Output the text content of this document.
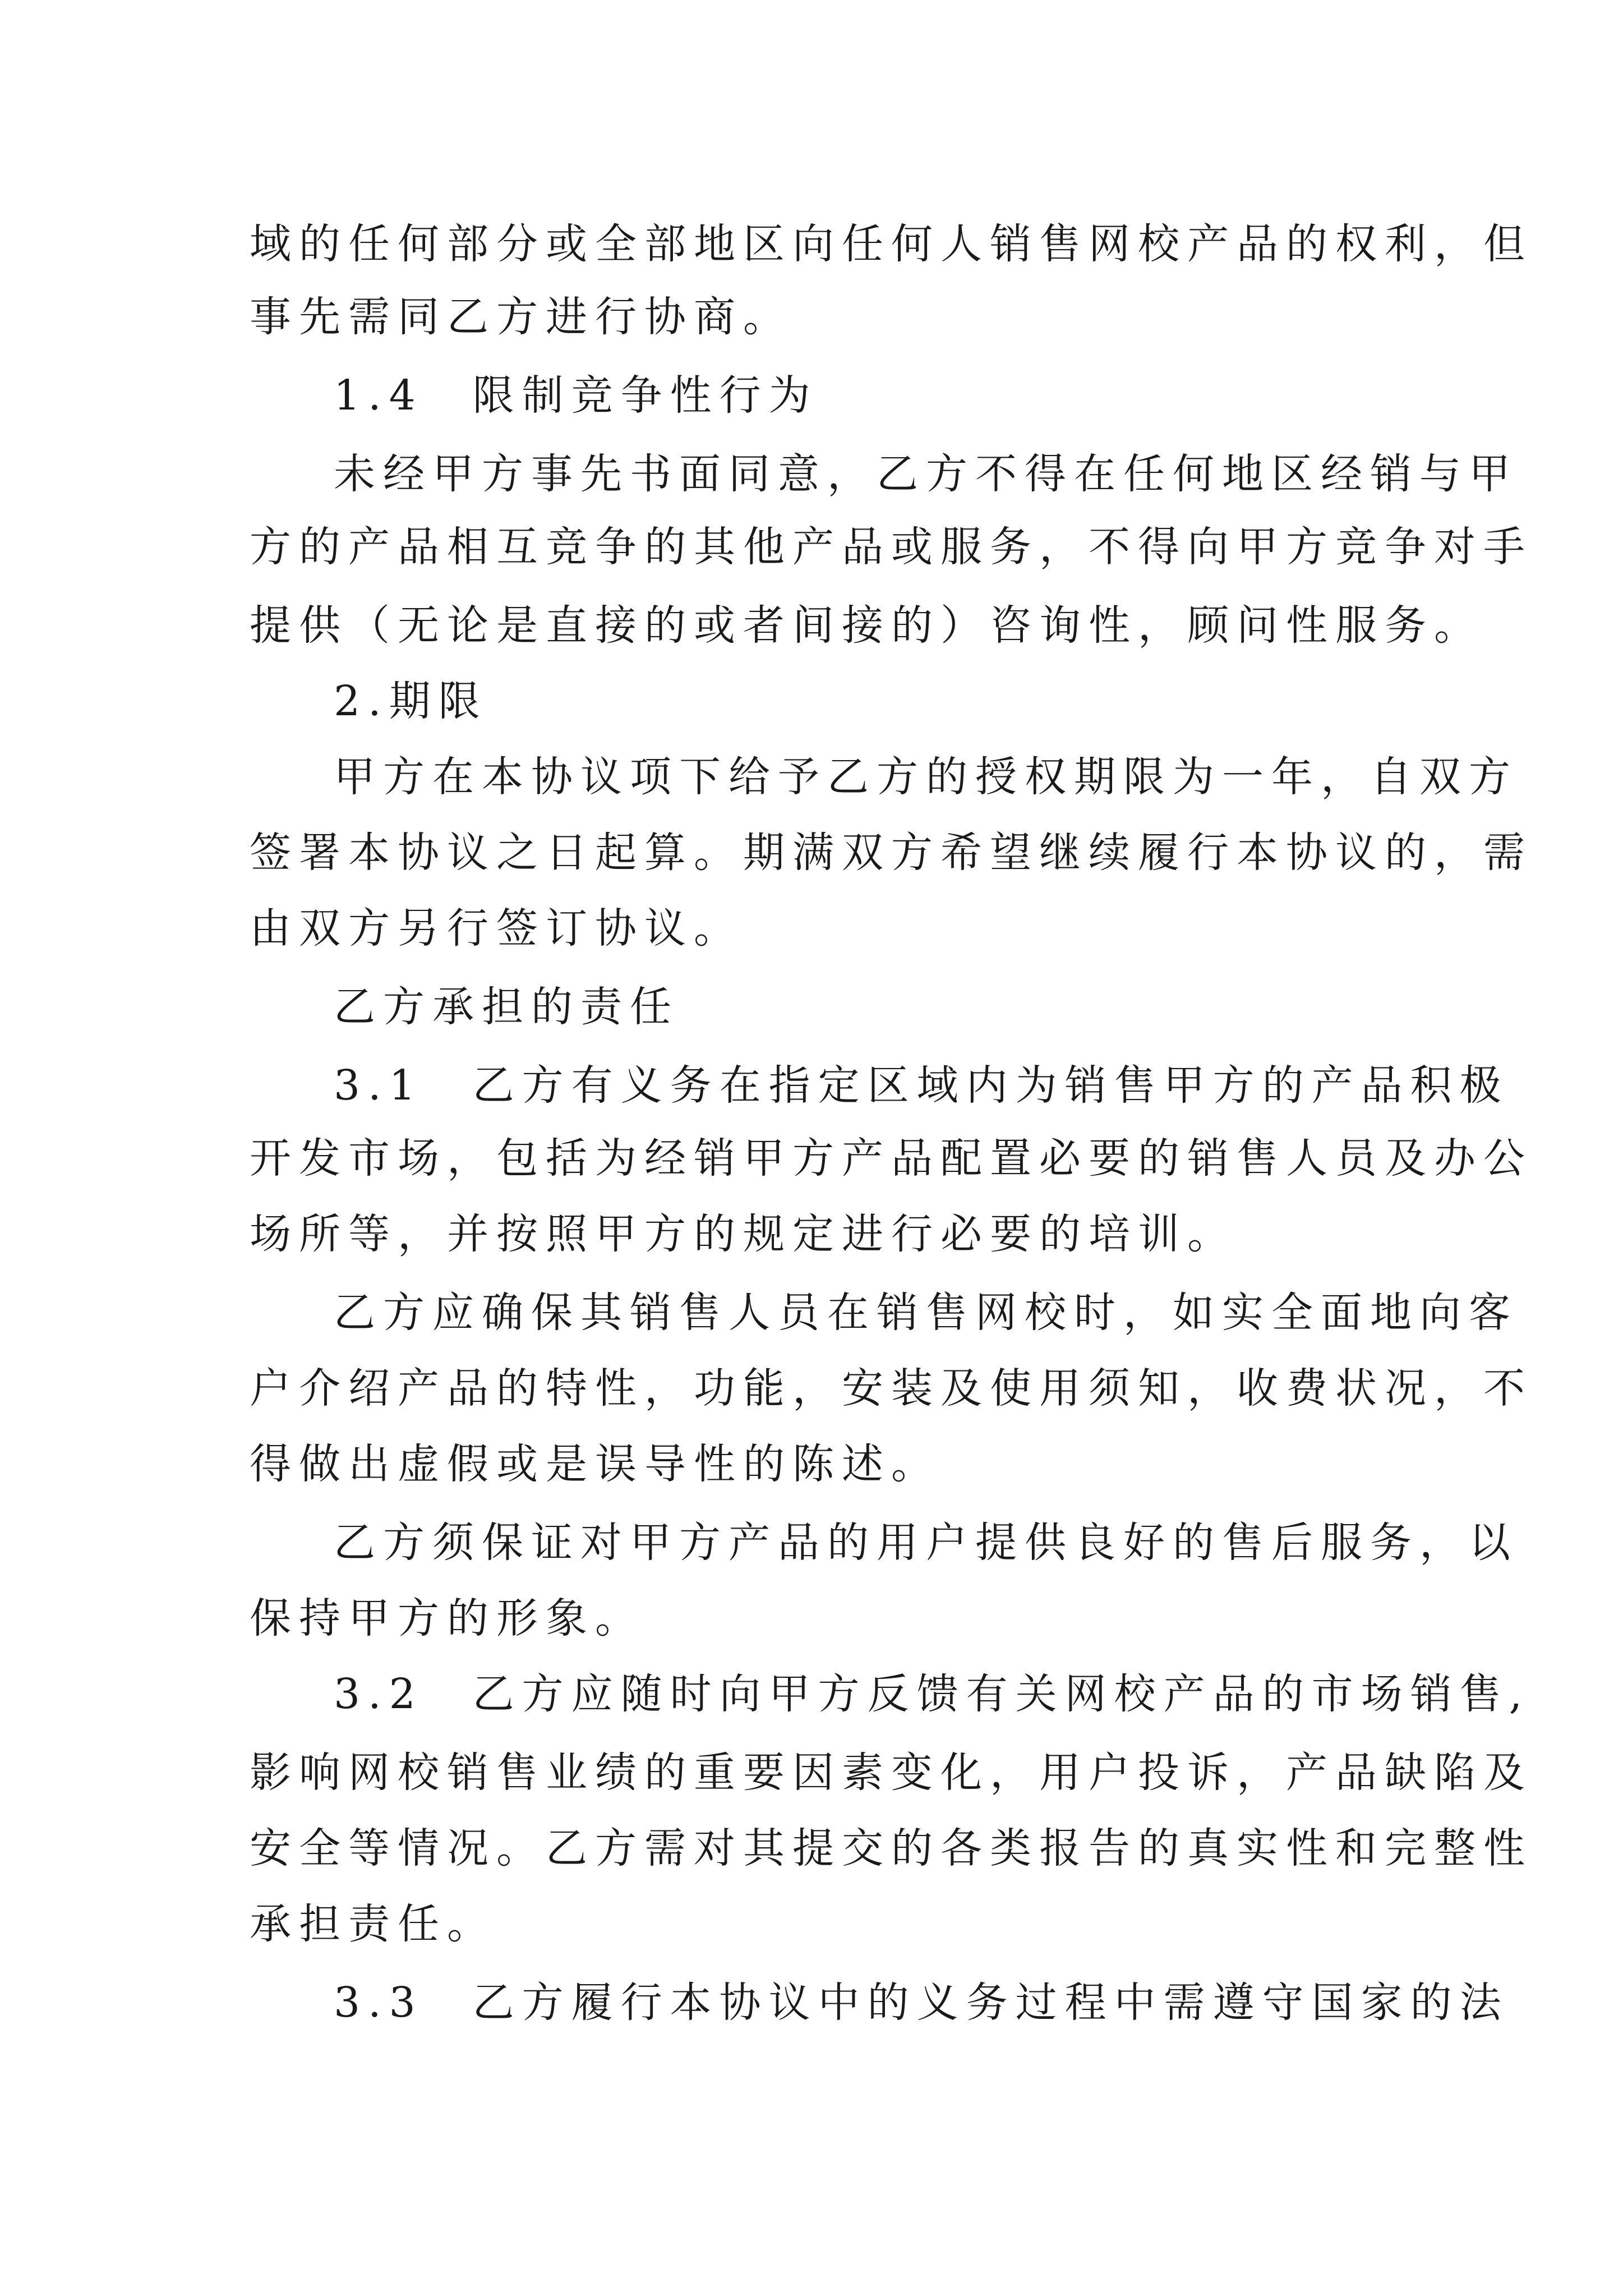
域的任何部分或全部地区向任何人销售网校产品的权利，但
事先需同乙方进行协商。
1.4　限制竞争性行为
未经甲方事先书面同意，乙方不得在任何地区经销与甲
方的产品相互竞争的其他产品或服务，不得向甲方竞争对手
提供（无论是直接的或者间接的）咨询性，顾问性服务。
2.期限
甲方在本协议项下给予乙方的授权期限为一年，自双方
签署本协议之日起算。期满双方希望继续履行本协议的，需
由双方另行签订协议。
乙方承担的责任
3.1　乙方有义务在指定区域内为销售甲方的产品积极
开发市场，包括为经销甲方产品配置必要的销售人员及办公
场所等，并按照甲方的规定进行必要的培训。
乙方应确保其销售人员在销售网校时，如实全面地向客
户介绍产品的特性，功能，安装及使用须知，收费状况，不
得做出虚假或是误导性的陈述。
乙方须保证对甲方产品的用户提供良好的售后服务，以
保持甲方的形象。
3.2　乙方应随时向甲方反馈有关网校产品的市场销售,
影响网校销售业绩的重要因素变化，用户投诉，产品缺陷及
安全等情况。乙方需对其提交的各类报告的真实性和完整性
承担责任。
3.3　乙方履行本协议中的义务过程中需遵守国家的法
